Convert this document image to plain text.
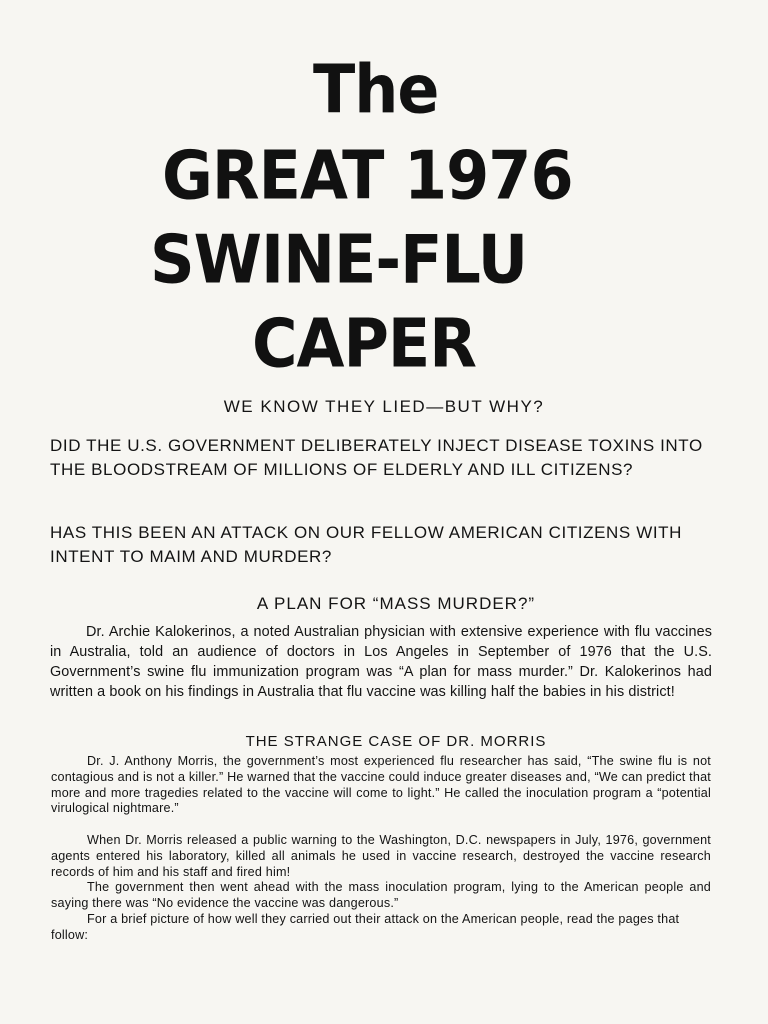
The
GREAT 1976
SWINE-FLU
CAPER
WE KNOW THEY LIED—BUT WHY?
DID THE U.S. GOVERNMENT DELIBERATELY INJECT DISEASE TOXINS INTO THE BLOODSTREAM OF MILLIONS OF ELDERLY AND ILL CITIZENS?
HAS THIS BEEN AN ATTACK ON OUR FELLOW AMERICAN CITIZENS WITH INTENT TO MAIM AND MURDER?
A PLAN FOR “MASS MURDER?”
Dr. Archie Kalokerinos, a noted Australian physician with extensive experience with flu vaccines in Australia, told an audience of doctors in Los Angeles in September of 1976 that the U.S. Government’s swine flu immunization program was “A plan for mass murder.” Dr. Kalokerinos had written a book on his findings in Australia that flu vaccine was killing half the babies in his district!
THE STRANGE CASE OF DR. MORRIS
Dr. J. Anthony Morris, the government’s most experienced flu researcher has said, “The swine flu is not contagious and is not a killer.” He warned that the vaccine could induce greater diseases and, “We can predict that more and more tragedies related to the vaccine will come to light.” He called the inoculation program a “potential virulogical nightmare.”
When Dr. Morris released a public warning to the Washington, D.C. newspapers in July, 1976, government agents entered his laboratory, killed all animals he used in vaccine research, destroyed the vaccine research records of him and his staff and fired him!
The government then went ahead with the mass inoculation program, lying to the American people and saying there was “No evidence the vaccine was dangerous.”
For a brief picture of how well they carried out their attack on the American people, read the pages that follow:
